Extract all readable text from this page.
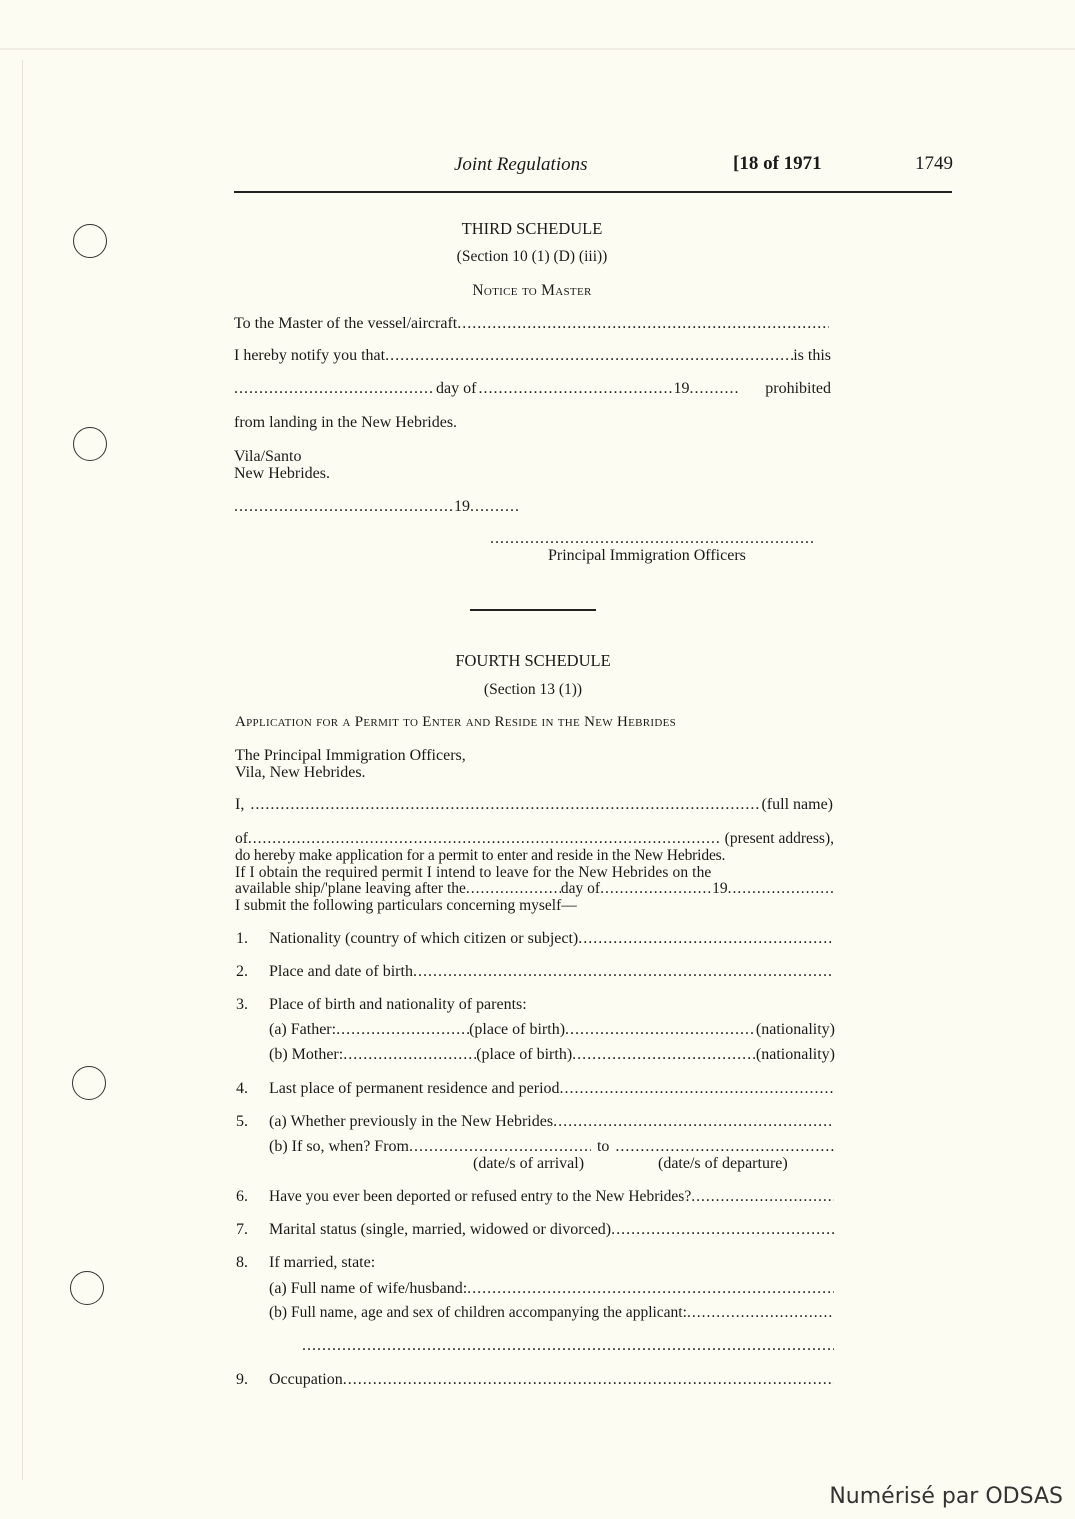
Joint Regulations	[18 of 1971	1749
THIRD SCHEDULE
(Section 10 (1) (D) (iii))
Notice to Master
To the Master of the vessel/aircraft
.....
I hereby notify you that .....	is this
.....
day of .....	19 .....	prohibited
from landing in the New Hebrides.
Vila/Santo
New Hebrides.
.....
19
.....
.....
Principal Immigration Officers
FOURTH SCHEDULE
(Section 13 (1))
Application for a Permit to Enter and Reside in the New Hebrides
The Principal Immigration Officers,
Vila, New Hebrides.
I, .....	(full name)
of .....	(present address),
do hereby make application for a permit to enter and reside in the New Hebrides.
If I obtain the required permit I intend to leave for the New Hebrides on the
available ship/'plane leaving after the .....	day of .....	19
.....
I submit the following particulars concerning myself—
1. Nationality (country of which citizen or subject)
.....
2. Place and date of birth
.....
3. Place of birth and nationality of parents:
(a) Father: .....	(place of birth) .....	(nationality)
(b) Mother: .....	(place of birth) .....	(nationality)
4. Last place of permanent residence and period
.....
5. (a) Whether previously in the New Hebrides
.....
(b) If so, when? From .....	to
.....
(date/s of arrival)	(date/s of departure)
6. Have you ever been deported or refused entry to the New Hebrides?
.....
7. Marital status (single, married, widowed or divorced)
.....
8. If married, state:
(a) Full name of wife/husband:
.....
(b) Full name, age and sex of children accompanying the applicant:
.....
.....
9. Occupation
.....
Numérisé par ODSAS
